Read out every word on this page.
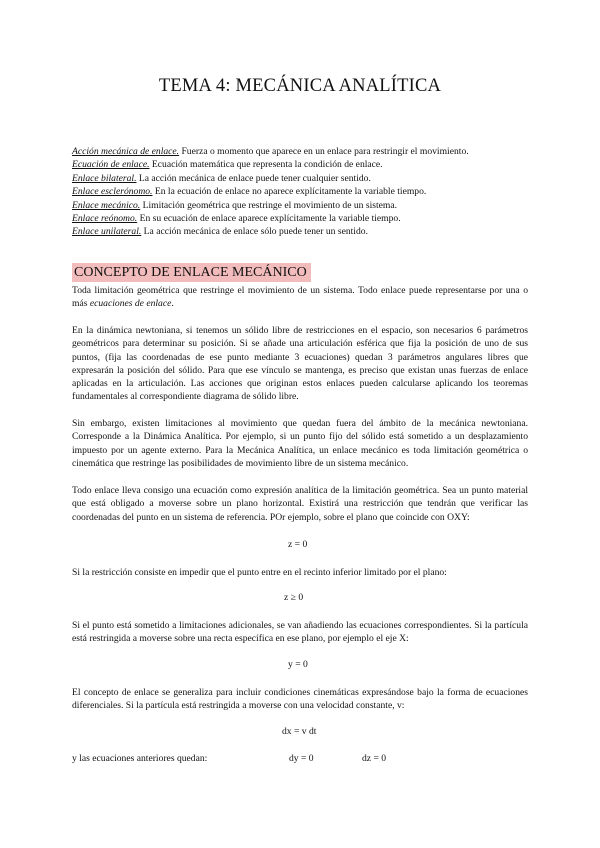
TEMA 4: MECÁNICA ANALÍTICA
Acción mecánica de enlace. Fuerza o momento que aparece en un enlace para restringir el movimiento.
Ecuación de enlace. Ecuación matemática que representa la condición de enlace.
Enlace bilateral. La acción mecánica de enlace puede tener cualquier sentido.
Enlace esclerónomo. En la ecuación de enlace no aparece explícitamente la variable tiempo.
Enlace mecánico. Limitación geométrica que restringe el movimiento de un sistema.
Enlace reónomo. En su ecuación de enlace aparece explícitamente la variable tiempo.
Enlace unilateral. La acción mecánica de enlace sólo puede tener un sentido.
CONCEPTO DE ENLACE MECÁNICO

Toda limitación geométrica que restringe el movimiento de un sistema. Todo enlace puede representarse por una o más ecuaciones de enlace.

En la dinámica newtoniana, si tenemos un sólido libre de restricciones en el espacio, son necesarios 6 parámetros geométricos para determinar su posición. Si se añade una articulación esférica que fija la posición de uno de sus puntos, (fija las coordenadas de ese punto mediante 3 ecuaciones) quedan 3 parámetros angulares libres que expresarán la posición del sólido. Para que ese vínculo se mantenga, es preciso que existan unas fuerzas de enlace aplicadas en la articulación. Las acciones que originan estos enlaces pueden calcularse aplicando los teoremas fundamentales al correspondiente diagrama de sólido libre.

Sin embargo, existen limitaciones al movimiento que quedan fuera del ámbito de la mecánica newtoniana. Corresponde a la Dinámica Analítica. Por ejemplo, si un punto fijo del sólido está sometido a un desplazamiento impuesto por un agente externo. Para la Mecánica Analítica, un enlace mecánico es toda limitación geométrica o cinemática que restringe las posibilidades de movimiento libre de un sistema mecánico.

Todo enlace lleva consigo una ecuación como expresión analítica de la limitación geométrica. Sea un punto material que está obligado a moverse sobre un plano horizontal. Existirá una restricción que tendrán que verificar las coordenadas del punto en un sistema de referencia. POr ejemplo, sobre el plano que coincide con OXY:

z = 0

Si la restricción consiste en impedir que el punto entre en el recinto inferior limitado por el plano:

z ≥ 0

Si el punto está sometido a limitaciones adicionales, se van añadiendo las ecuaciones correspondientes. Si la partícula está restringida a moverse sobre una recta específica en ese plano, por ejemplo el eje X:

y = 0

El concepto de enlace se generaliza para incluir condiciones cinemáticas expresándose bajo la forma de ecuaciones diferenciales. Si la partícula está restringida a moverse con una velocidad constante, v:

dx = v dt
y las ecuaciones anteriores quedan:	dy = 0	dz = 0
